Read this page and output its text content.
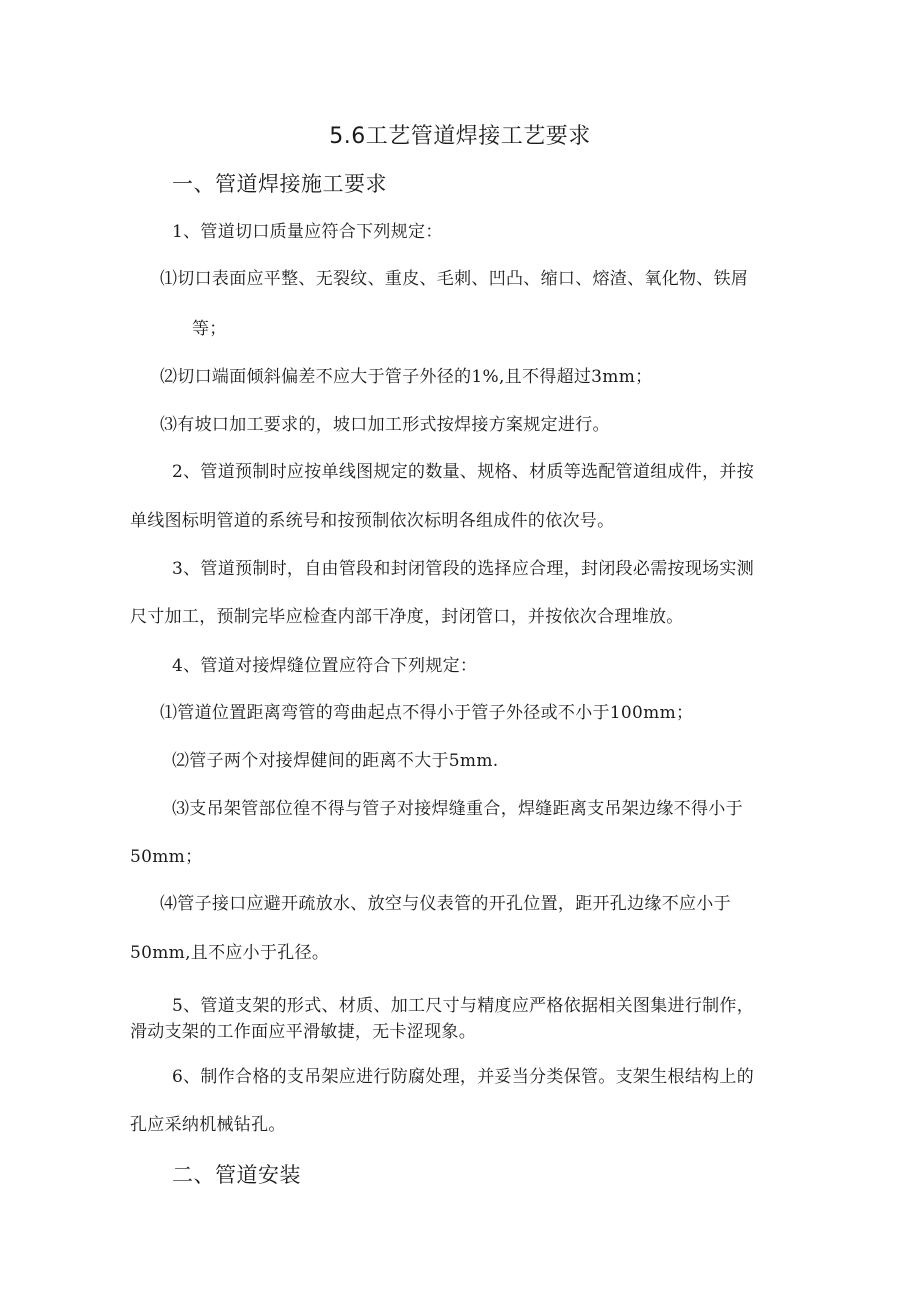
5.6工艺管道焊接工艺要求
一、管道焊接施工要求
1、管道切口质量应符合下列规定：
⑴切口表面应平整、无裂纹、重皮、毛刺、凹凸、缩口、熔渣、氧化物、铁屑
等；
⑵切口端面倾斜偏差不应大于管子外径的1%,且不得超过3mm；
⑶有坡口加工要求的，坡口加工形式按焊接方案规定进行。
2、管道预制时应按单线图规定的数量、规格、材质等选配管道组成件，并按
单线图标明管道的系统号和按预制依次标明各组成件的依次号。
3、管道预制时，自由管段和封闭管段的选择应合理，封闭段必需按现场实测
尺寸加工，预制完毕应检查内部干净度，封闭管口，并按依次合理堆放。
4、管道对接焊缝位置应符合下列规定：
⑴管道位置距离弯管的弯曲起点不得小于管子外径或不小于100mm；
⑵管子两个对接焊健间的距离不大于5mm.
⑶支吊架管部位徨不得与管子对接焊缝重合，焊缝距离支吊架边缘不得小于
50mm；
⑷管子接口应避开疏放水、放空与仪表管的开孔位置，距开孔边缘不应小于
50mm,且不应小于孔径。
5、管道支架的形式、材质、加工尺寸与精度应严格依据相关图集进行制作，
滑动支架的工作面应平滑敏捷，无卡涩现象。
6、制作合格的支吊架应进行防腐处理，并妥当分类保管。支架生根结构上的
孔应采纳机械钻孔。
二、管道安装
